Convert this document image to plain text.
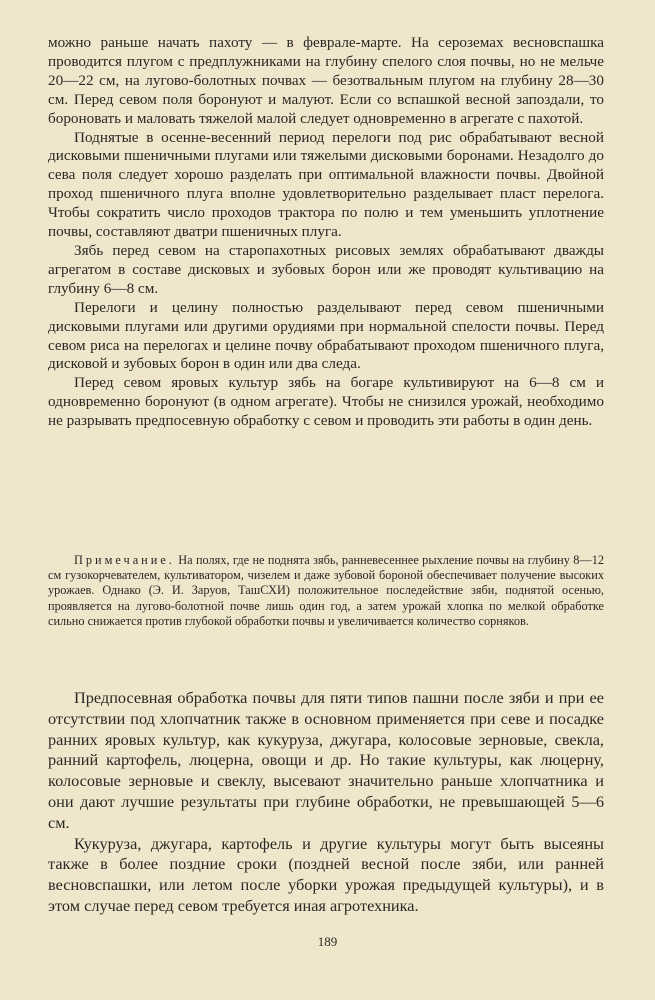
можно раньше начать пахоту — в феврале-марте. На сероземах весновспашка проводится плугом с предплужниками на глубину спелого слоя почвы, но не мельче 20—22 см, на лугово-болотных почвах — безотвальным плугом на глубину 28—30 см. Перед севом поля боронуют и малуют. Если со вспашкой весной запоздали, то бороновать и маловать тяжелой малой следует одновременно в агрегате с пахотой.

Поднятые в осенне-весенний период перелоги под рис обрабатывают весной дисковыми пшеничными плугами или тяжелыми дисковыми боронами. Незадолго до сева поля следует хорошо разделать при оптимальной влажности почвы. Двойной проход пшеничного плуга вполне удовлетворительно разделывает пласт перелога. Чтобы сократить число проходов трактора по полю и тем уменьшить уплотнение почвы, составляют дватри пшеничных плуга.

Зябь перед севом на старопахотных рисовых землях обрабатывают дважды агрегатом в составе дисковых и зубовых борон или же проводят культивацию на глубину 6—8 см.

Перелоги и целину полностью разделывают перед севом пшеничными дисковыми плугами или другими орудиями при нормальной спелости почвы. Перед севом риса на перелогах и целине почву обрабатывают проходом пшеничного плуга, дисковой и зубовых борон в один или два следа.

Перед севом яровых культур зябь на богаре культивируют на 6—8 см и одновременно боронуют (в одном агрегате). Чтобы не снизился урожай, необходимо не разрывать предпосевную обработку с севом и проводить эти работы в один день.

Примечание. На полях, где не поднята зябь, ранневесеннее рыхление почвы на глубину 8—12 см гузокорчевателем, культиватором, чизелем и даже зубовой бороной обеспечивает получение высоких урожаев. Однако (Э. И. Заруов, ТашСХИ) положительное последействие зяби, поднятой осенью, проявляется на лугово-болотной почве лишь один год, а затем урожай хлопка по мелкой обработке сильно снижается против глубокой обработки почвы и увеличивается количество сорняков.

Предпосевная обработка почвы для пяти типов пашни после зяби и при ее отсутствии под хлопчатник также в основном применяется при севе и посадке ранних яровых культур, как кукуруза, джугара, колосовые зерновые, свекла, ранний картофель, люцерна, овощи и др. Но такие культуры, как люцерну, колосовые зерновые и свеклу, высевают значительно раньше хлопчатника и они дают лучшие результаты при глубине обработки, не превышающей 5—6 см.

Кукуруза, джугара, картофель и другие культуры могут быть высеяны также в более поздние сроки (поздней весной после зяби, или ранней весновспашки, или летом после уборки урожая предыдущей культуры), и в этом случае перед севом требуется иная агротехника.

189
